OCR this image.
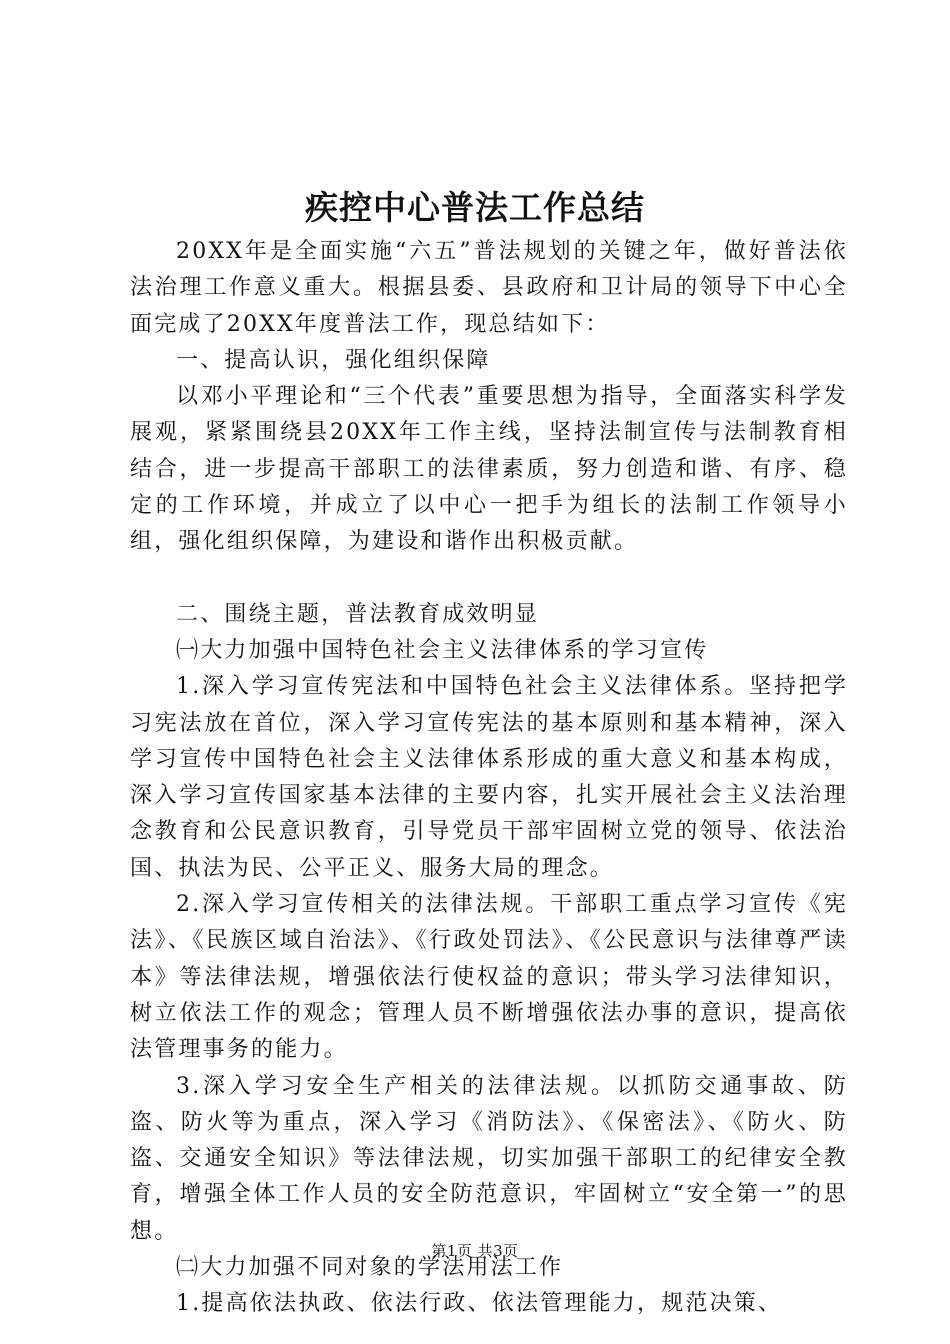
疾控中心普法工作总结

20XX年是全面实施“六五”普法规划的关键之年，做好普法依法治理工作意义重大。根据县委、县政府和卫计局的领导下中心全面完成了20XX年度普法工作，现总结如下：

一、提高认识，强化组织保障

以邓小平理论和“三个代表”重要思想为指导，全面落实科学发展观，紧紧围绕县20XX年工作主线，坚持法制宣传与法制教育相结合，进一步提高干部职工的法律素质，努力创造和谐、有序、稳定的工作环境，并成立了以中心一把手为组长的法制工作领导小组，强化组织保障，为建设和谐作出积极贡献。

二、围绕主题，普法教育成效明显

㈠大力加强中国特色社会主义法律体系的学习宣传

1.深入学习宣传宪法和中国特色社会主义法律体系。坚持把学习宪法放在首位，深入学习宣传宪法的基本原则和基本精神，深入学习宣传中国特色社会主义法律体系形成的重大意义和基本构成，深入学习宣传国家基本法律的主要内容，扎实开展社会主义法治理念教育和公民意识教育，引导党员干部牢固树立党的领导、依法治国、执法为民、公平正义、服务大局的理念。

2.深入学习宣传相关的法律法规。干部职工重点学习宣传《宪法》、《民族区域自治法》、《行政处罚法》、《公民意识与法律尊严读本》等法律法规，增强依法行使权益的意识；带头学习法律知识，树立依法工作的观念；管理人员不断增强依法办事的意识，提高依法管理事务的能力。

3.深入学习安全生产相关的法律法规。以抓防交通事故、防盗、防火等为重点，深入学习《消防法》、《保密法》、《防火、防盗、交通安全知识》等法律法规，切实加强干部职工的纪律安全教育，增强全体工作人员的安全防范意识，牢固树立“安全第一”的思想。

㈡大力加强不同对象的学法用法工作

1.提高依法执政、依法行政、依法管理能力，规范决策、

第1页 共3页
